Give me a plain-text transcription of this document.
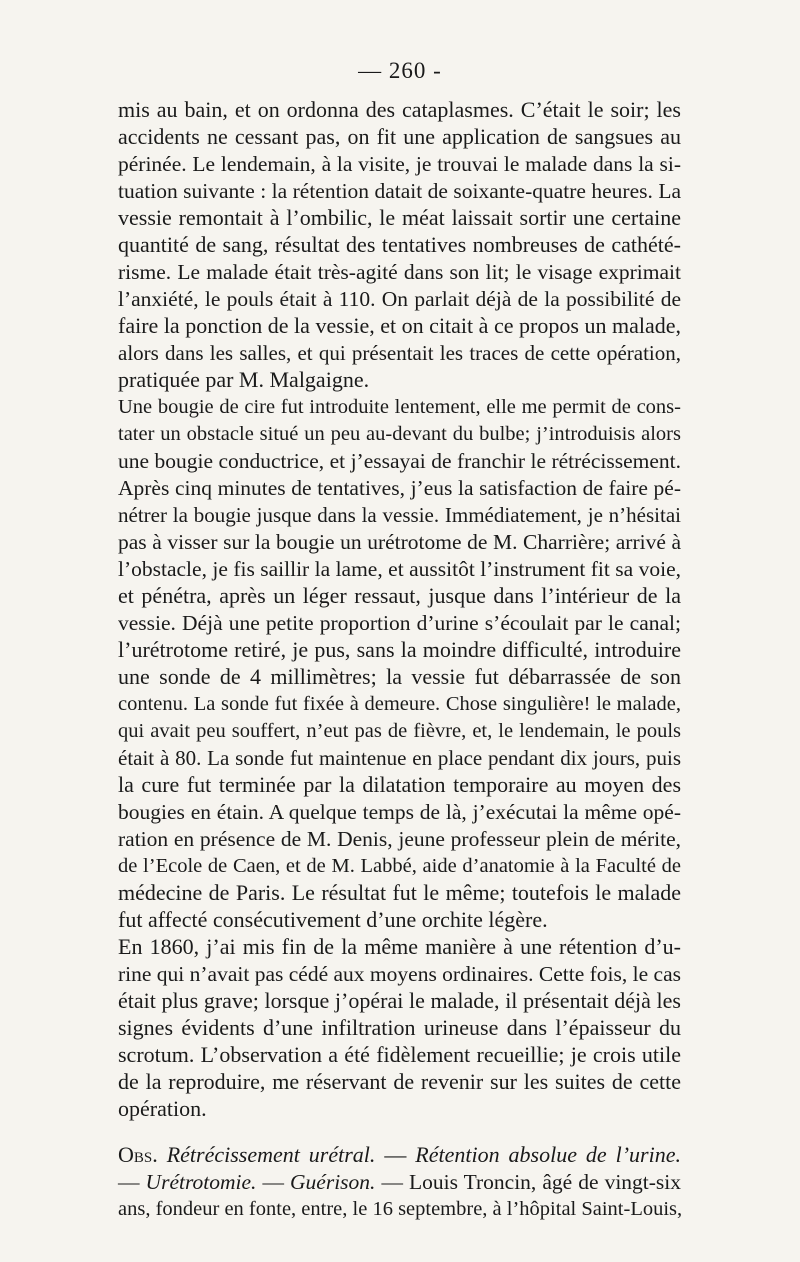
— 260 -
mis au bain, et on ordonna des cataplasmes. C’était le soir; les
accidents ne cessant pas, on fit une application de sangsues au
périnée. Le lendemain, à la visite, je trouvai le malade dans la si-
tuation suivante : la rétention datait de soixante-quatre heures. La
vessie remontait à l’ombilic, le méat laissait sortir une certaine
quantité de sang, résultat des tentatives nombreuses de cathété-
risme. Le malade était très-agité dans son lit; le visage exprimait
l’anxiété, le pouls était à 110. On parlait déjà de la possibilité de
faire la ponction de la vessie, et on citait à ce propos un malade,
alors dans les salles, et qui présentait les traces de cette opération,
pratiquée par M. Malgaigne.
Une bougie de cire fut introduite lentement, elle me permit de cons-
tater un obstacle situé un peu au-devant du bulbe; j’introduisis alors
une bougie conductrice, et j’essayai de franchir le rétrécissement.
Après cinq minutes de tentatives, j’eus la satisfaction de faire pé-
nétrer la bougie jusque dans la vessie. Immédiatement, je n’hésitai
pas à visser sur la bougie un urétrotome de M. Charrière; arrivé à
l’obstacle, je fis saillir la lame, et aussitôt l’instrument fit sa voie,
et pénétra, après un léger ressaut, jusque dans l’intérieur de la
vessie. Déjà une petite proportion d’urine s’écoulait par le canal;
l’urétrotome retiré, je pus, sans la moindre difficulté, introduire
une sonde de 4 millimètres; la vessie fut débarrassée de son
contenu. La sonde fut fixée à demeure. Chose singulière! le malade,
qui avait peu souffert, n’eut pas de fièvre, et, le lendemain, le pouls
était à 80. La sonde fut maintenue en place pendant dix jours, puis
la cure fut terminée par la dilatation temporaire au moyen des
bougies en étain. A quelque temps de là, j’exécutai la même opé-
ration en présence de M. Denis, jeune professeur plein de mérite,
de l’Ecole de Caen, et de M. Labbé, aide d’anatomie à la Faculté de
médecine de Paris. Le résultat fut le même; toutefois le malade
fut affecté consécutivement d’une orchite légère.
En 1860, j’ai mis fin de la même manière à une rétention d’u-
rine qui n’avait pas cédé aux moyens ordinaires. Cette fois, le cas
était plus grave; lorsque j’opérai le malade, il présentait déjà les
signes évidents d’une infiltration urineuse dans l’épaisseur du
scrotum. L’observation a été fidèlement recueillie; je crois utile
de la reproduire, me réservant de revenir sur les suites de cette
opération.
Obs. Rétrécissement urétral. — Rétention absolue de l’urine.
— Urétrotomie. — Guérison. — Louis Troncin, âgé de vingt-six
ans, fondeur en fonte, entre, le 16 septembre, à l’hôpital Saint-Louis,
